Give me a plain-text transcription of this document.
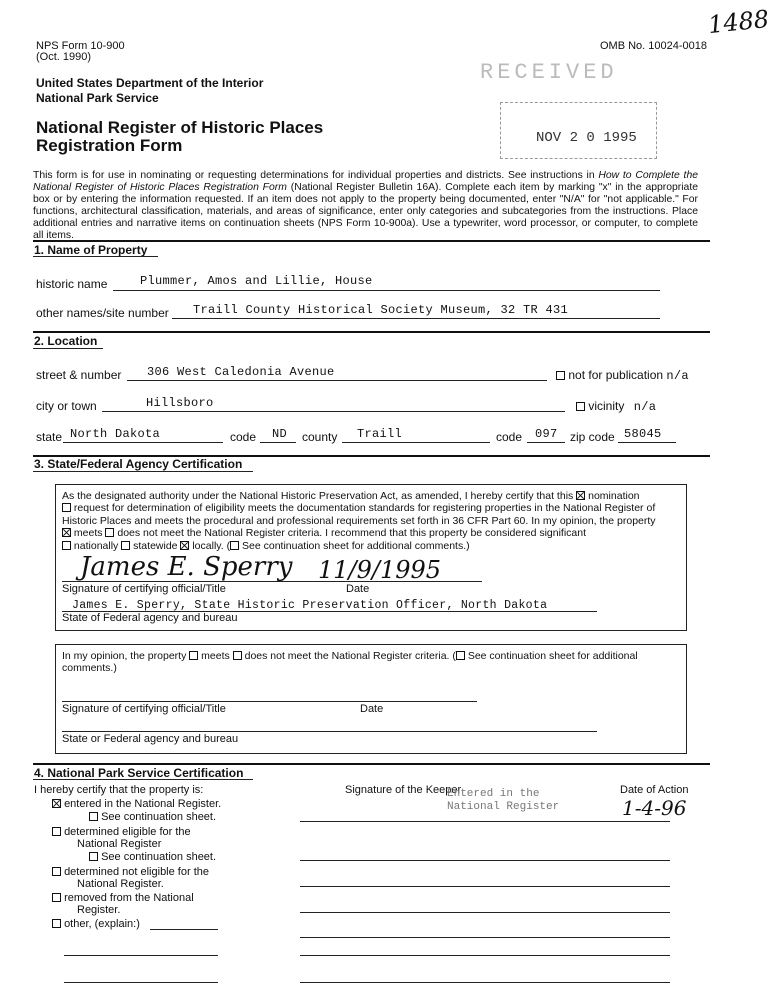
NPS Form 10-900
(Oct. 1990)
OMB No. 10024-0018
1488
United States Department of the Interior
National Park Service
National Register of Historic Places
Registration Form
RECEIVED
NOV 2 0 1995
This form is for use in nominating or requesting determinations for individual properties and districts. See instructions in How to Complete the National Register of Historic Places Registration Form (National Register Bulletin 16A). Complete each item by marking "x" in the appropriate box or by entering the information requested. If an item does not apply to the property being documented, enter "N/A" for "not applicable." For functions, architectural classification, materials, and areas of significance, enter only categories and subcategories from the instructions. Place additional entries and narrative items on continuation sheets (NPS Form 10-900a). Use a typewriter, word processor, or computer, to complete all items.
1. Name of Property
historic name	Plummer, Amos and Lillie, House
other names/site number Traill County Historical Society Museum, 32 TR 431
2. Location
street & number 306 West Caledonia Avenue	not for publication n/a
city or town	Hillsboro	vicinity n/a
state North Dakota	code ND county Traill	code 097 zip code 58045
3. State/Federal Agency Certification
As the designated authority under the National Historic Preservation Act, as amended, I hereby certify that this nomination
request for determination of eligibility meets the documentation standards for registering properties in the National Register of Historic Places and meets the procedural and professional requirements set forth in 36 CFR Part 60. In my opinion, the property
meets does not meet the National Register criteria. I recommend that this property be considered significant
nationally statewide locally. ( See continuation sheet for additional comments.)
James E. Sperry 11/9/1995
Signature of certifying official/Title	Date
James E. Sperry, State Historic Preservation Officer, North Dakota
State of Federal agency and bureau
In my opinion, the property meets does not meet the National Register criteria. ( See continuation sheet for additional comments.)
Signature of certifying official/Title	Date
State or Federal agency and bureau
4. National Park Service Certification
I hereby certify that the property is:	Signature of the Keeper	Date of Action
Entered in the
National Register	1-4-96
entered in the National Register.
See continuation sheet.
determined eligible for the
National Register
See continuation sheet.
determined not eligible for the
National Register.
removed from the National
Register.
other, (explain:)
